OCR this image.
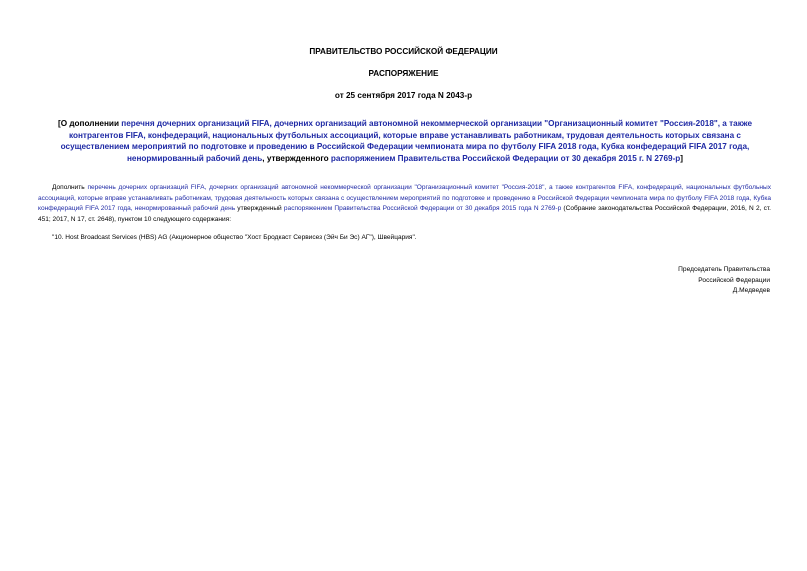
ПРАВИТЕЛЬСТВО РОССИЙСКОЙ ФЕДЕРАЦИИ
РАСПОРЯЖЕНИЕ
от 25 сентября 2017 года N 2043-р
[О дополнении перечня дочерних организаций FIFA, дочерних организаций автономной некоммерческой организации "Организационный комитет "Россия-2018", а также контрагентов FIFA, конфедераций, национальных футбольных ассоциаций, которые вправе устанавливать работникам, трудовая деятельность которых связана с осуществлением мероприятий по подготовке и проведению в Российской Федерации чемпионата мира по футболу FIFA 2018 года, Кубка конфедераций FIFA 2017 года, ненормированный рабочий день, утвержденного распоряжением Правительства Российской Федерации от 30 декабря 2015 г. N 2769-р]

Дополнить перечень дочерних организаций FIFA, дочерних организаций автономной некоммерческой организации "Организационный комитет "Россия-2018", а также контрагентов FIFA, конфедераций, национальных футбольных ассоциаций, которые вправе устанавливать работникам, трудовая деятельность которых связана с осуществлением мероприятий по подготовке и проведению в Российской Федерации чемпионата мира по футболу FIFA 2018 года, Кубка конфедераций FIFA 2017 года, ненормированный рабочий день утвержденный распоряжением Правительства Российской Федерации от 30 декабря 2015 года N 2769-р (Собрание законодательства Российской Федерации, 2016, N 2, ст. 451; 2017, N 17, ст. 2648), пунктом 10 следующего содержания:

"10. Host Broadcast Services (HBS) AG (Акционерное общество "Хост Бродкаст Сервисез (Эйч Би Эс) АГ"), Швейцария".

Председатель Правительства
Российской Федерации
Д.Медведев
